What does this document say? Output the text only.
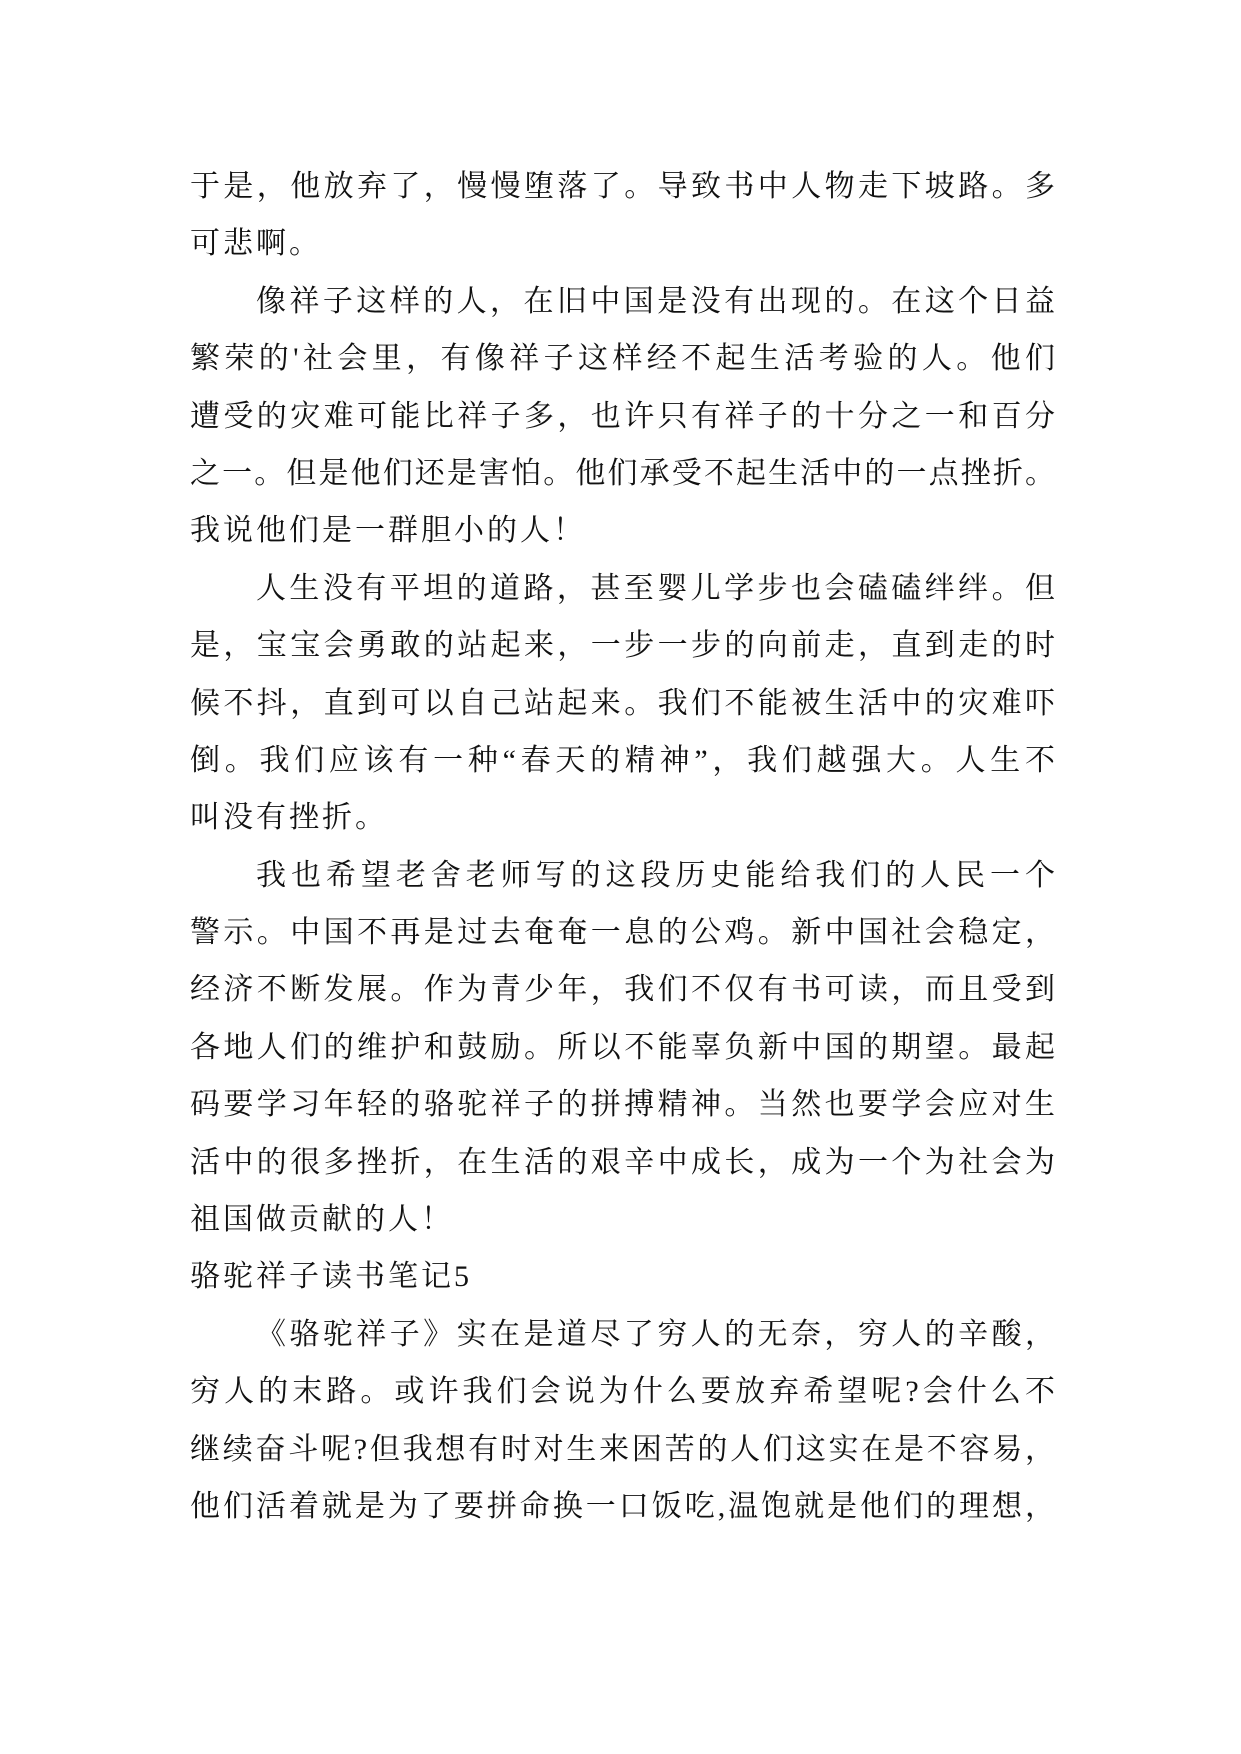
于是，他放弃了，慢慢堕落了。导致书中人物走下坡路。多
可悲啊。
像祥子这样的人，在旧中国是没有出现的。在这个日益
繁荣的'社会里，有像祥子这样经不起生活考验的人。他们
遭受的灾难可能比祥子多，也许只有祥子的十分之一和百分
之一。但是他们还是害怕。他们承受不起生活中的一点挫折。
我说他们是一群胆小的人！
人生没有平坦的道路，甚至婴儿学步也会磕磕绊绊。但
是，宝宝会勇敢的站起来，一步一步的向前走，直到走的时
候不抖，直到可以自己站起来。我们不能被生活中的灾难吓
倒。我们应该有一种“春天的精神”，我们越强大。人生不
叫没有挫折。
我也希望老舍老师写的这段历史能给我们的人民一个
警示。中国不再是过去奄奄一息的公鸡。新中国社会稳定，
经济不断发展。作为青少年，我们不仅有书可读，而且受到
各地人们的维护和鼓励。所以不能辜负新中国的期望。最起
码要学习年轻的骆驼祥子的拼搏精神。当然也要学会应对生
活中的很多挫折，在生活的艰辛中成长，成为一个为社会为
祖国做贡献的人！
骆驼祥子读书笔记5
《骆驼祥子》实在是道尽了穷人的无奈，穷人的辛酸，
穷人的末路。或许我们会说为什么要放弃希望呢?会什么不
继续奋斗呢?但我想有时对生来困苦的人们这实在是不容易，
他们活着就是为了要拼命换一口饭吃,温饱就是他们的理想，
